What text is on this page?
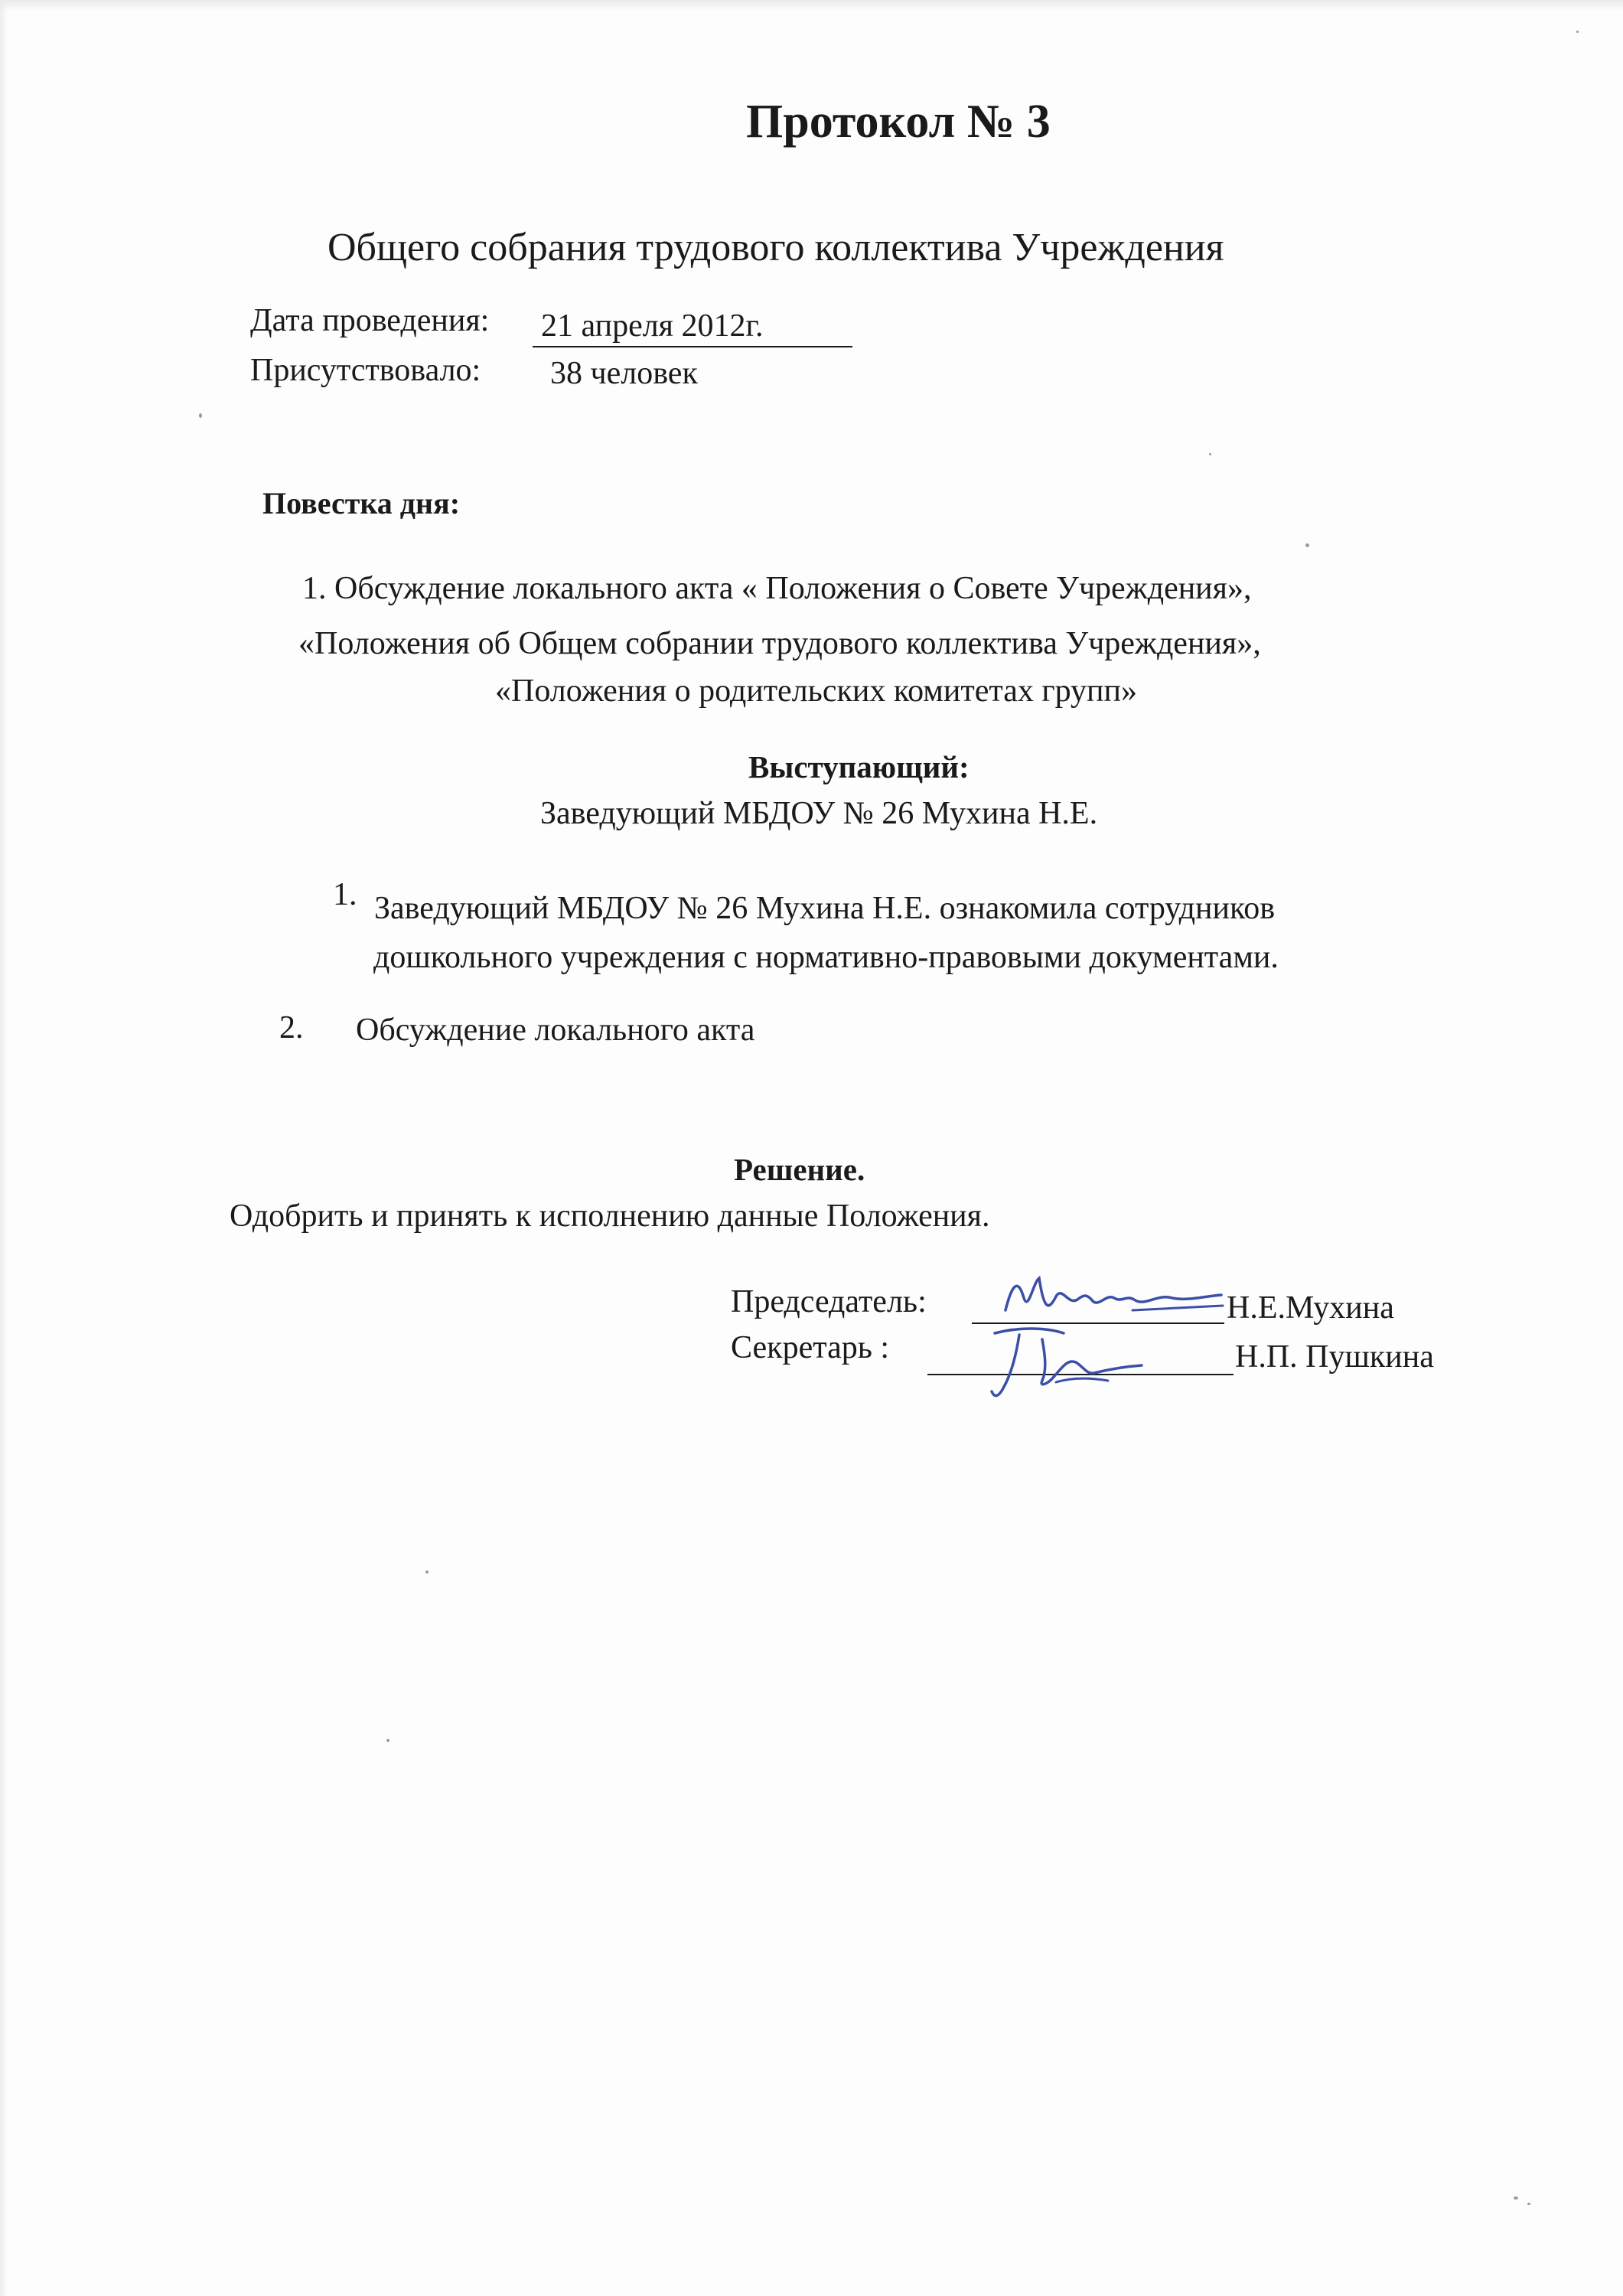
Протокол № 3
Общего собрания трудового коллектива Учреждения
Дата проведения: 21 апреля 2012г.
Присутствовало: 38 человек
Повестка дня:
1. Обсуждение локального акта « Положения о Совете Учреждения»,
«Положения об Общем собрании трудового коллектива Учреждения»,
«Положения о родительских комитетах групп»
Выступающий:
Заведующий МБДОУ № 26 Мухина Н.Е.
1. Заведующий МБДОУ № 26 Мухина Н.Е. ознакомила сотрудников
дошкольного учреждения с нормативно-правовыми документами.
2. Обсуждение локального акта
Решение.
Одобрить и принять к исполнению данные Положения.
Председатель:	Н.Е.Мухина
Мухина
Секретарь :	Н.П. Пушкина
